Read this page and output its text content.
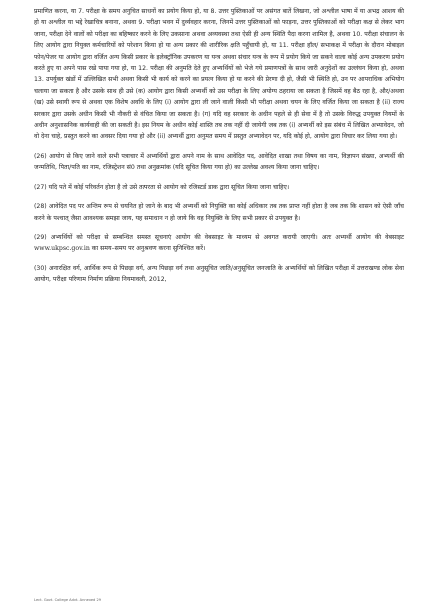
प्रमाणित करना, या 7. परीक्षा के समय अनुचित साधनों का प्रयोग किया हो, या 8. उत्तर पुस्तिकाओं पर असंगत बातें लिखना, जो अश्लील भाषा में या अभद्र आशय की हो या अश्लील या भद्दे रेखाचित्र बनाना, अथवा 9. परीक्षा भवन में दुर्व्यवहार करना, जिनमें उत्तर पुस्तिकाओं को फाड़ना, उत्तर पुस्तिकाओं को परीक्षा कक्ष से लेकर भाग जाना, परीक्षा देने वालों को परीक्षा का बहिष्कार करने के लिए उकसाना अथवा अव्यवस्था तथा ऐसी ही अन्य स्थिति पैदा करना शामिल है, अथवा 10. परीक्षा संचालन के लिए आयोग द्वारा नियुक्त कर्मचारियों को परेशान किया हो या अन्य प्रकार की शारीरिक क्षति पहुँचायी हो, या 11. परीक्षा हॉल/ सभाकक्ष में परीक्षा के दौरान मोबाइल फोन/पेजर या आयोग द्वारा वर्जित अन्य किसी प्रकार के इलेक्ट्रॉनिक उपकरण या यन्त्र अथवा संचार यन्त्र के रूप में प्रयोग किये जा सकने वाला कोई अन्य उपकरण प्रयोग करते हुए या अपने पास रखे पाया गया हो, या 12. परीक्षा की अनुमति देते हुए अभ्यर्थियों को भेजे गये प्रमाणपत्रों के साथ जारी अनुदेशों का उल्लंघन किया हो, अथवा 13. उपर्युक्त खंडों में उल्लिखित सभी अथवा किसी भी कार्य को करने का प्रयत्न किया हो या करने की प्रेरणा दी हो, जैसी भी स्थिति हो, उन पर आपराधिक अभियोग चलाया जा सकता है और उसके साथ ही उसे (क) आयोग द्वारा किसी अभ्यर्थी को उस परीक्षा के लिए अयोग्य ठहराया जा सकता है जिसमें वह बैठ रहा है, और/अथवा (ख) उसे स्थायी रूप से अथवा एक विशेष अवधि के लिए (i) आयोग द्वारा ली जाने वाली किसी भी परीक्षा अथवा चयन के लिए वर्जित किया जा सकता है (ii) राज्य सरकार द्वारा उसके अधीन किसी भी नौकरी से वंचित किया जा सकता है। (ग) यदि वह सरकार के अधीन पहले से ही सेवा में है तो उसके विरुद्ध उपयुक्त नियमों के अधीन अनुशासनिक कार्यवाही की जा सकती है। इस नियम के अधीन कोई शास्ति तब तक नहीं दी जायेगी जब तक (i) अभ्यर्थी को इस संबंध में लिखित अभ्यावेदन, जो वो देना चाहे, प्रस्तुत करने का अवसर दिया गया हो और (ii) अभ्यर्थी द्वारा अनुमत समय में प्रस्तुत अभ्यावेदन पर, यदि कोई हो, आयोग द्वारा विचार कर लिया गया हो।

(26) आयोग से किए जाने वाले सभी पत्राचार में अभ्यर्थियों द्वारा अपने नाम के साथ आवेदित पद, आवेदित शाखा तथा विषय का नाम, विज्ञापन संख्या, अभ्यर्थी की जन्मतिथि, पिता/पति का नाम, रजिस्ट्रेशन सं0 तथा अनुक्रमांक (यदि सूचित किया गया हो) का उल्लेख अवश्य किया जाना चाहिए।

(27) यदि पते में कोई परिवर्तन होता है तो उसे तत्परता से आयोग को रजिस्टर्ड डाक द्वारा सूचित किया जाना चाहिए।

(28) आवेदित पद पर अन्तिम रूप से चयनित हो जाने के बाद भी अभ्यर्थी को नियुक्ति का कोई अधिकार तब तक प्राप्त नहीं होता है जब तक कि शासन को ऐसी जाँच करने के पश्चात् जैसा आवश्यक समझा जाय, यह समाधान न हो जाये कि वह नियुक्ति के लिए सभी प्रकार से उपयुक्त है।

(29) अभ्यर्थियों को परीक्षा से सम्बन्धित समस्त सूचनाएं आयोग की वेबसाइट के माध्यम से अवगत करायी जाएगी। अतः अभ्यर्थी आयोग की वेबसाइट www.ukpsc.gov.in का समय–समय पर अनुश्रवण करना सुनिश्चित करें।

(30) अनारक्षित वर्ग, आर्थिक रूप से पिछड़ा वर्ग, अन्य पिछड़ा वर्ग तथा अनुसूचित जाति/अनुसूचित जनजाति के अभ्यर्थियों को लिखित परीक्षा में उत्तराखण्ड लोक सेवा आयोग, परीक्षा परिणाम निर्माण प्रक्रिया नियमावली, 2012,

Lect. Govt. College Advt. Annexed 29
